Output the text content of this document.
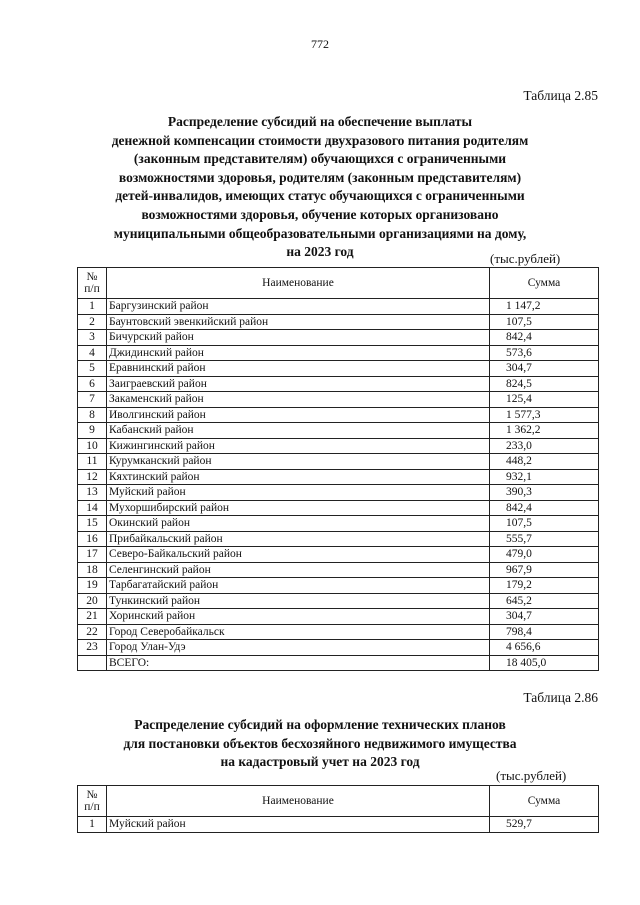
772
Таблица 2.85
Распределение субсидий на обеспечение выплаты
денежной компенсации стоимости двухразового питания родителям
(законным представителям) обучающихся с ограниченными
возможностями здоровья, родителям (законным представителям)
детей-инвалидов, имеющих статус обучающихся с ограниченными
возможностями здоровья, обучение которых организовано
муниципальными общеобразовательными организациями на дому,
на 2023 год	(тыс.рублей)
№
п/п	Наименование	Сумма
1	Баргузинский район	1 147,2
2	Баунтовский эвенкийский район	107,5
3	Бичурский район	842,4
4	Джидинский район	573,6
5	Еравнинский район	304,7
6	Заиграевский район	824,5
7	Закаменский район	125,4
8	Иволгинский район	1 577,3
9	Кабанский район	1 362,2
10	Кижингинский район	233,0
11	Курумканский район	448,2
12	Кяхтинский район	932,1
13	Муйский район	390,3
14	Мухоршибирский район	842,4
15	Окинский район	107,5
16	Прибайкальский район	555,7
17	Северо-Байкальский район	479,0
18	Селенгинский район	967,9
19	Тарбагатайский район	179,2
20	Тункинский район	645,2
21	Хоринский район	304,7
22	Город Северобайкальск	798,4
23	Город Улан-Удэ	4 656,6
	ВСЕГО:	18 405,0
Таблица 2.86
Распределение субсидий на оформление технических планов
для постановки объектов бесхозяйного недвижимого имущества
на кадастровый учет на 2023 год
(тыс.рублей)
№
п/п	Наименование	Сумма
1	Муйский район	529,7
